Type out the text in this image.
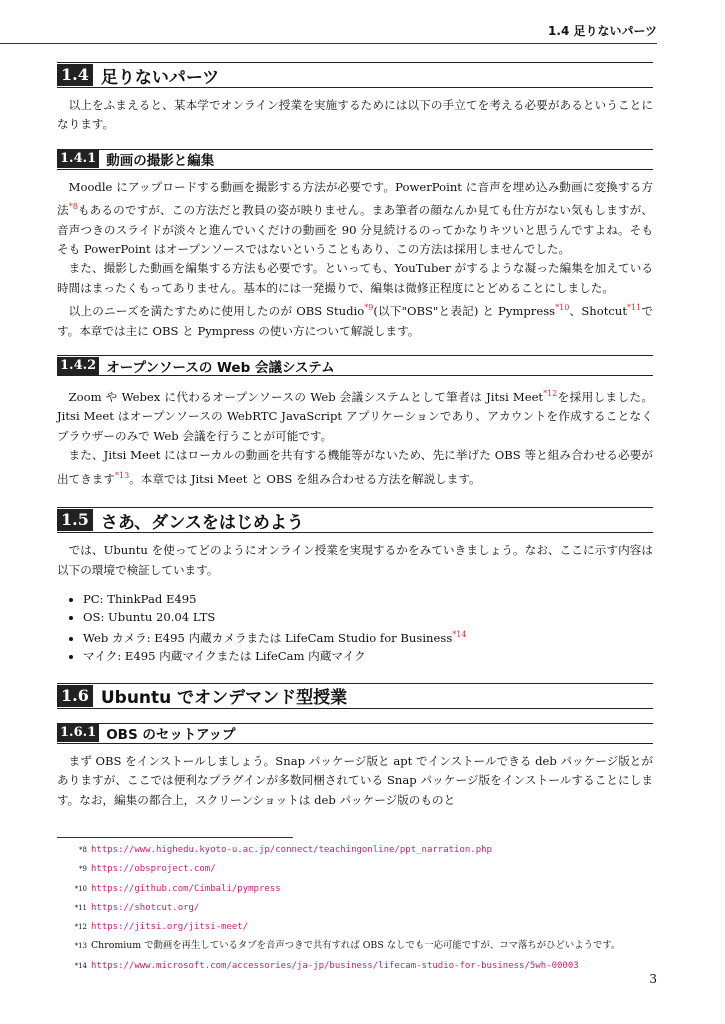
1.4 足りないパーツ
1.4 足りないパーツ

以上をふまえると、某本学でオンライン授業を実施するためには以下の手立てを考える必要があるということになります。

1.4.1 動画の撮影と編集

Moodle にアップロードする動画を撮影する方法が必要です。PowerPoint に音声を埋め込み動画に変換する方法$^{*8}$もあるのですが、この方法だと教員の姿が映りません。まあ筆者の顔なんか見ても仕方がない気もしますが、音声つきのスライドが淡々と進んでいくだけの動画を 90 分見続けるのってかなりキツいと思うんですよね。そもそも PowerPoint はオープンソースではないということもあり、この方法は採用しませんでした。

また、撮影した動画を編集する方法も必要です。といっても、YouTuber がするような凝った編集を加えている時間はまったくもってありません。基本的には一発撮りで、編集は微修正程度にとどめることにしました。

以上のニーズを満たすために使用したのが OBS Studio$^{*9}$(以下"OBS"と表記) と Pympress$^{*10}$、Shotcut$^{*11}$です。本章では主に OBS と Pympress の使い方について解説します。

1.4.2 オープンソースの Web 会議システム

Zoom や Webex に代わるオープンソースの Web 会議システムとして筆者は Jitsi Meet$^{*12}$を採用しました。Jitsi Meet はオープンソースの WebRTC JavaScript アプリケーションであり、アカウントを作成することなくブラウザーのみで Web 会議を行うことが可能です。

また、Jitsi Meet にはローカルの動画を共有する機能等がないため、先に挙げた OBS 等と組み合わせる必要が出てきます$^{*13}$。本章では Jitsi Meet と OBS を組み合わせる方法を解説します。

1.5 さあ、ダンスをはじめよう

では、Ubuntu を使ってどのようにオンライン授業を実現するかをみていきましょう。なお、ここに示す内容は以下の環境で検証しています。

• PC: ThinkPad E495
• OS: Ubuntu 20.04 LTS
• Web カメラ: E495 内蔵カメラまたは LifeCam Studio for Business$^{*14}$
• マイク: E495 内蔵マイクまたは LifeCam 内蔵マイク
1.6 Ubuntu でオンデマンド型授業
1.6.1 OBS のセットアップ

まず OBS をインストールしましょう。Snap パッケージ版と apt でインストールできる deb パッケージ版とがありますが、ここでは便利なプラグインが多数同梱されている Snap パッケージ版をインストールすることにします。なお，編集の都合上，スクリーンショットは deb パッケージ版のものと

$^{*8}$ https://www.highedu.kyoto-u.ac.jp/connect/teachingonline/ppt_narration.php
$^{*9}$ https://obsproject.com/
$^{*10}$ https://github.com/Cimbali/pympress
$^{*11}$ https://shotcut.org/
$^{*12}$ https://jitsi.org/jitsi-meet/
$^{*13}$ Chromium で動画を再生しているタブを音声つきで共有すれば OBS なしでも一応可能ですが、コマ落ちがひどいようです。
$^{*14}$ https://www.microsoft.com/accessories/ja-jp/business/lifecam-studio-for-business/5wh-00003
3
